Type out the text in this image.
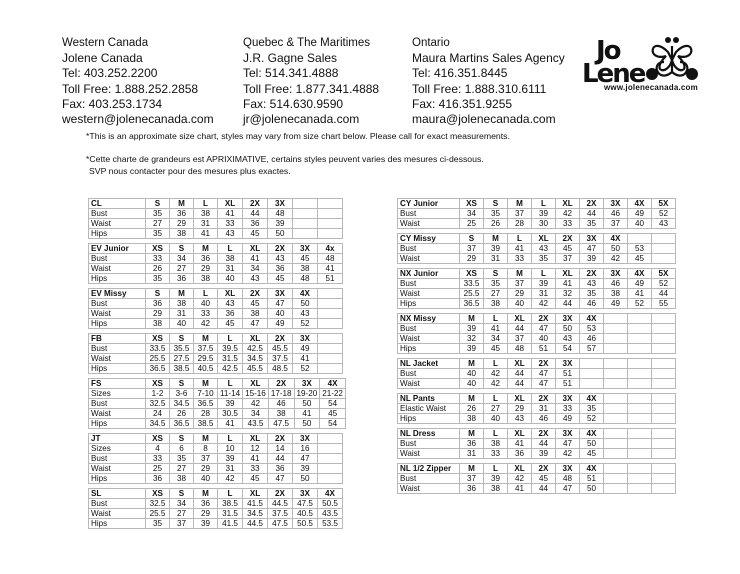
Western Canada
Jolene Canada
Tel: 403.252.2200
Toll Free: 1.888.252.2858
Fax: 403.253.1734
western@jolenecanada.com
Quebec & The Maritimes
J.R. Gagne Sales
Tel: 514.341.4888
Toll Free: 1.877.341.4888
Fax: 514.630.9590
jr@jolenecanada.com
Ontario
Maura Martins Sales Agency
Tel: 416.351.8445
Toll Free: 1.888.310.6111
Fax: 416.351.9255
maura@jolenecanada.com
Jo
Lene
www.jolenecanada.com
*This is an approximate size chart, styles may vary from size chart below. Please call for exact measurements.
*Cette charte de grandeurs est APRIXIMATIVE, certains styles peuvent varies des mesures ci-dessous.
SVP nous contacter pour des mesures plus exactes.
CL	S	M	L	XL	2X	3X		
Bust	35	36	38	41	44	48		
Waist	27	29	31	33	36	39		
Hips	35	38	41	43	45	50		
EV Junior	XS	S	M	L	XL	2X	3X	4x
Bust	33	34	36	38	41	43	45	48
Waist	26	27	29	31	34	36	38	41
Hips	35	36	38	40	43	45	48	51
EV Missy	S	M	L	XL	2X	3X	4X	
Bust	36	38	40	43	45	47	50	
Waist	29	31	33	36	38	40	43	
Hips	38	40	42	45	47	49	52	
FB	XS	S	M	L	XL	2X	3X	
Bust	33.5	35.5	37.5	39.5	42.5	45.5	49	
Waist	25.5	27.5	29.5	31.5	34.5	37.5	41	
Hips	36.5	38.5	40.5	42.5	45.5	48.5	52	
FS	XS	S	M	L	XL	2X	3X	4X
Sizes	1-2	3-6	7-10	11-14	15-16	17-18	19-20	21-22
Bust	32.5	34.5	36.5	39	42	46	50	54
Waist	24	26	28	30.5	34	38	41	45
Hips	34.5	36.5	38.5	41	43.5	47.5	50	54
JT	XS	S	M	L	XL	2X	3X	
Sizes	4	6	8	10	12	14	16	
Bust	33	35	37	39	41	44	47	
Waist	25	27	29	31	33	36	39	
Hips	36	38	40	42	45	47	50	
SL	XS	S	M	L	XL	2X	3X	4X
Bust	32.5	34	36	38.5	41.5	44.5	47.5	50.5
Waist	25.5	27	29	31.5	34.5	37.5	40.5	43.5
Hips	35	37	39	41.5	44.5	47.5	50.5	53.5
CY Junior	XS	S	M	L	XL	2X	3X	4X	5X
Bust	34	35	37	39	42	44	46	49	52
Waist	25	26	28	30	33	35	37	40	43
CY Missy	S	M	L	XL	2X	3X	4X		
Bust	37	39	41	43	45	47	50	53	
Waist	29	31	33	35	37	39	42	45	
NX Junior	XS	S	M	L	XL	2X	3X	4X	5X
Bust	33.5	35	37	39	41	43	46	49	52
Waist	25.5	27	29	31	32	35	38	41	44
Hips	36.5	38	40	42	44	46	49	52	55
NX Missy	M	L	XL	2X	3X	4X			
Bust	39	41	44	47	50	53			
Waist	32	34	37	40	43	46			
Hips	39	45	48	51	54	57			
NL Jacket	M	L	XL	2X	3X				
Bust	40	42	44	47	51				
Waist	40	42	44	47	51				
NL Pants	M	L	XL	2X	3X	4X			
Elastic Waist	26	27	29	31	33	35			
Hips	38	40	43	46	49	52			
NL Dress	M	L	XL	2X	3X	4X			
Bust	36	38	41	44	47	50			
Waist	31	33	36	39	42	45			
NL 1/2 Zipper	M	L	XL	2X	3X	4X			
Bust	37	39	42	45	48	51			
Waist	36	38	41	44	47	50			
